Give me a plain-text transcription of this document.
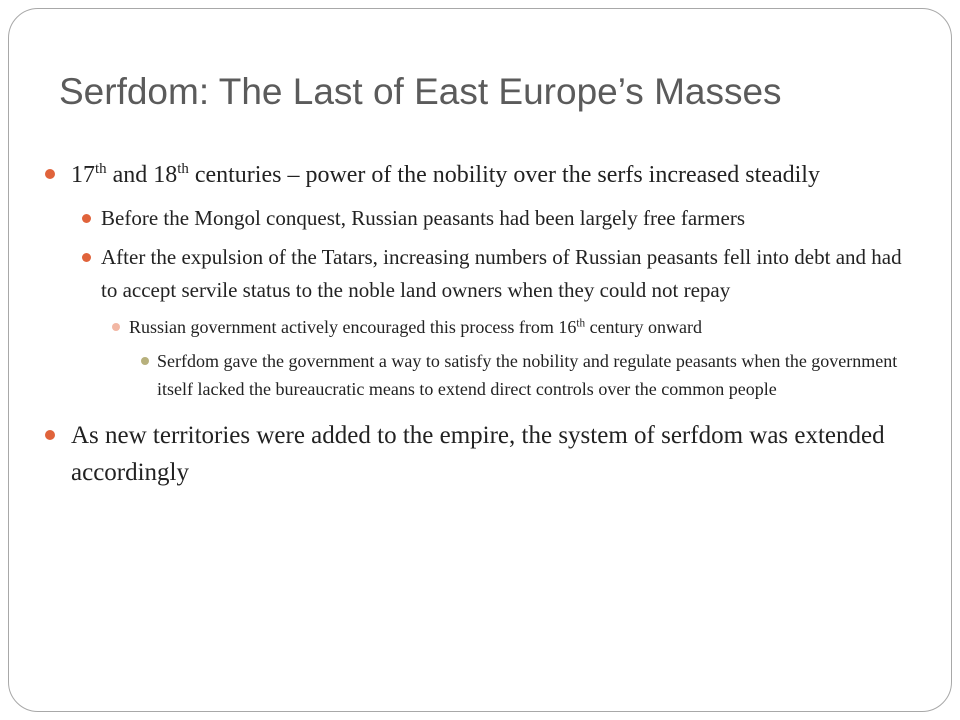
Serfdom: The Last of East Europe’s Masses
17th and 18th centuries – power of the nobility over the serfs increased steadily
Before the Mongol conquest, Russian peasants had been largely free farmers
After the expulsion of the Tatars, increasing numbers of Russian peasants fell into debt and had to accept servile status to the noble land owners when they could not repay
Russian government actively encouraged this process from 16th century onward
Serfdom gave the government a way to satisfy the nobility and regulate peasants when the government itself lacked the bureaucratic means to extend direct controls over the common people
As new territories were added to the empire, the system of serfdom was extended accordingly
